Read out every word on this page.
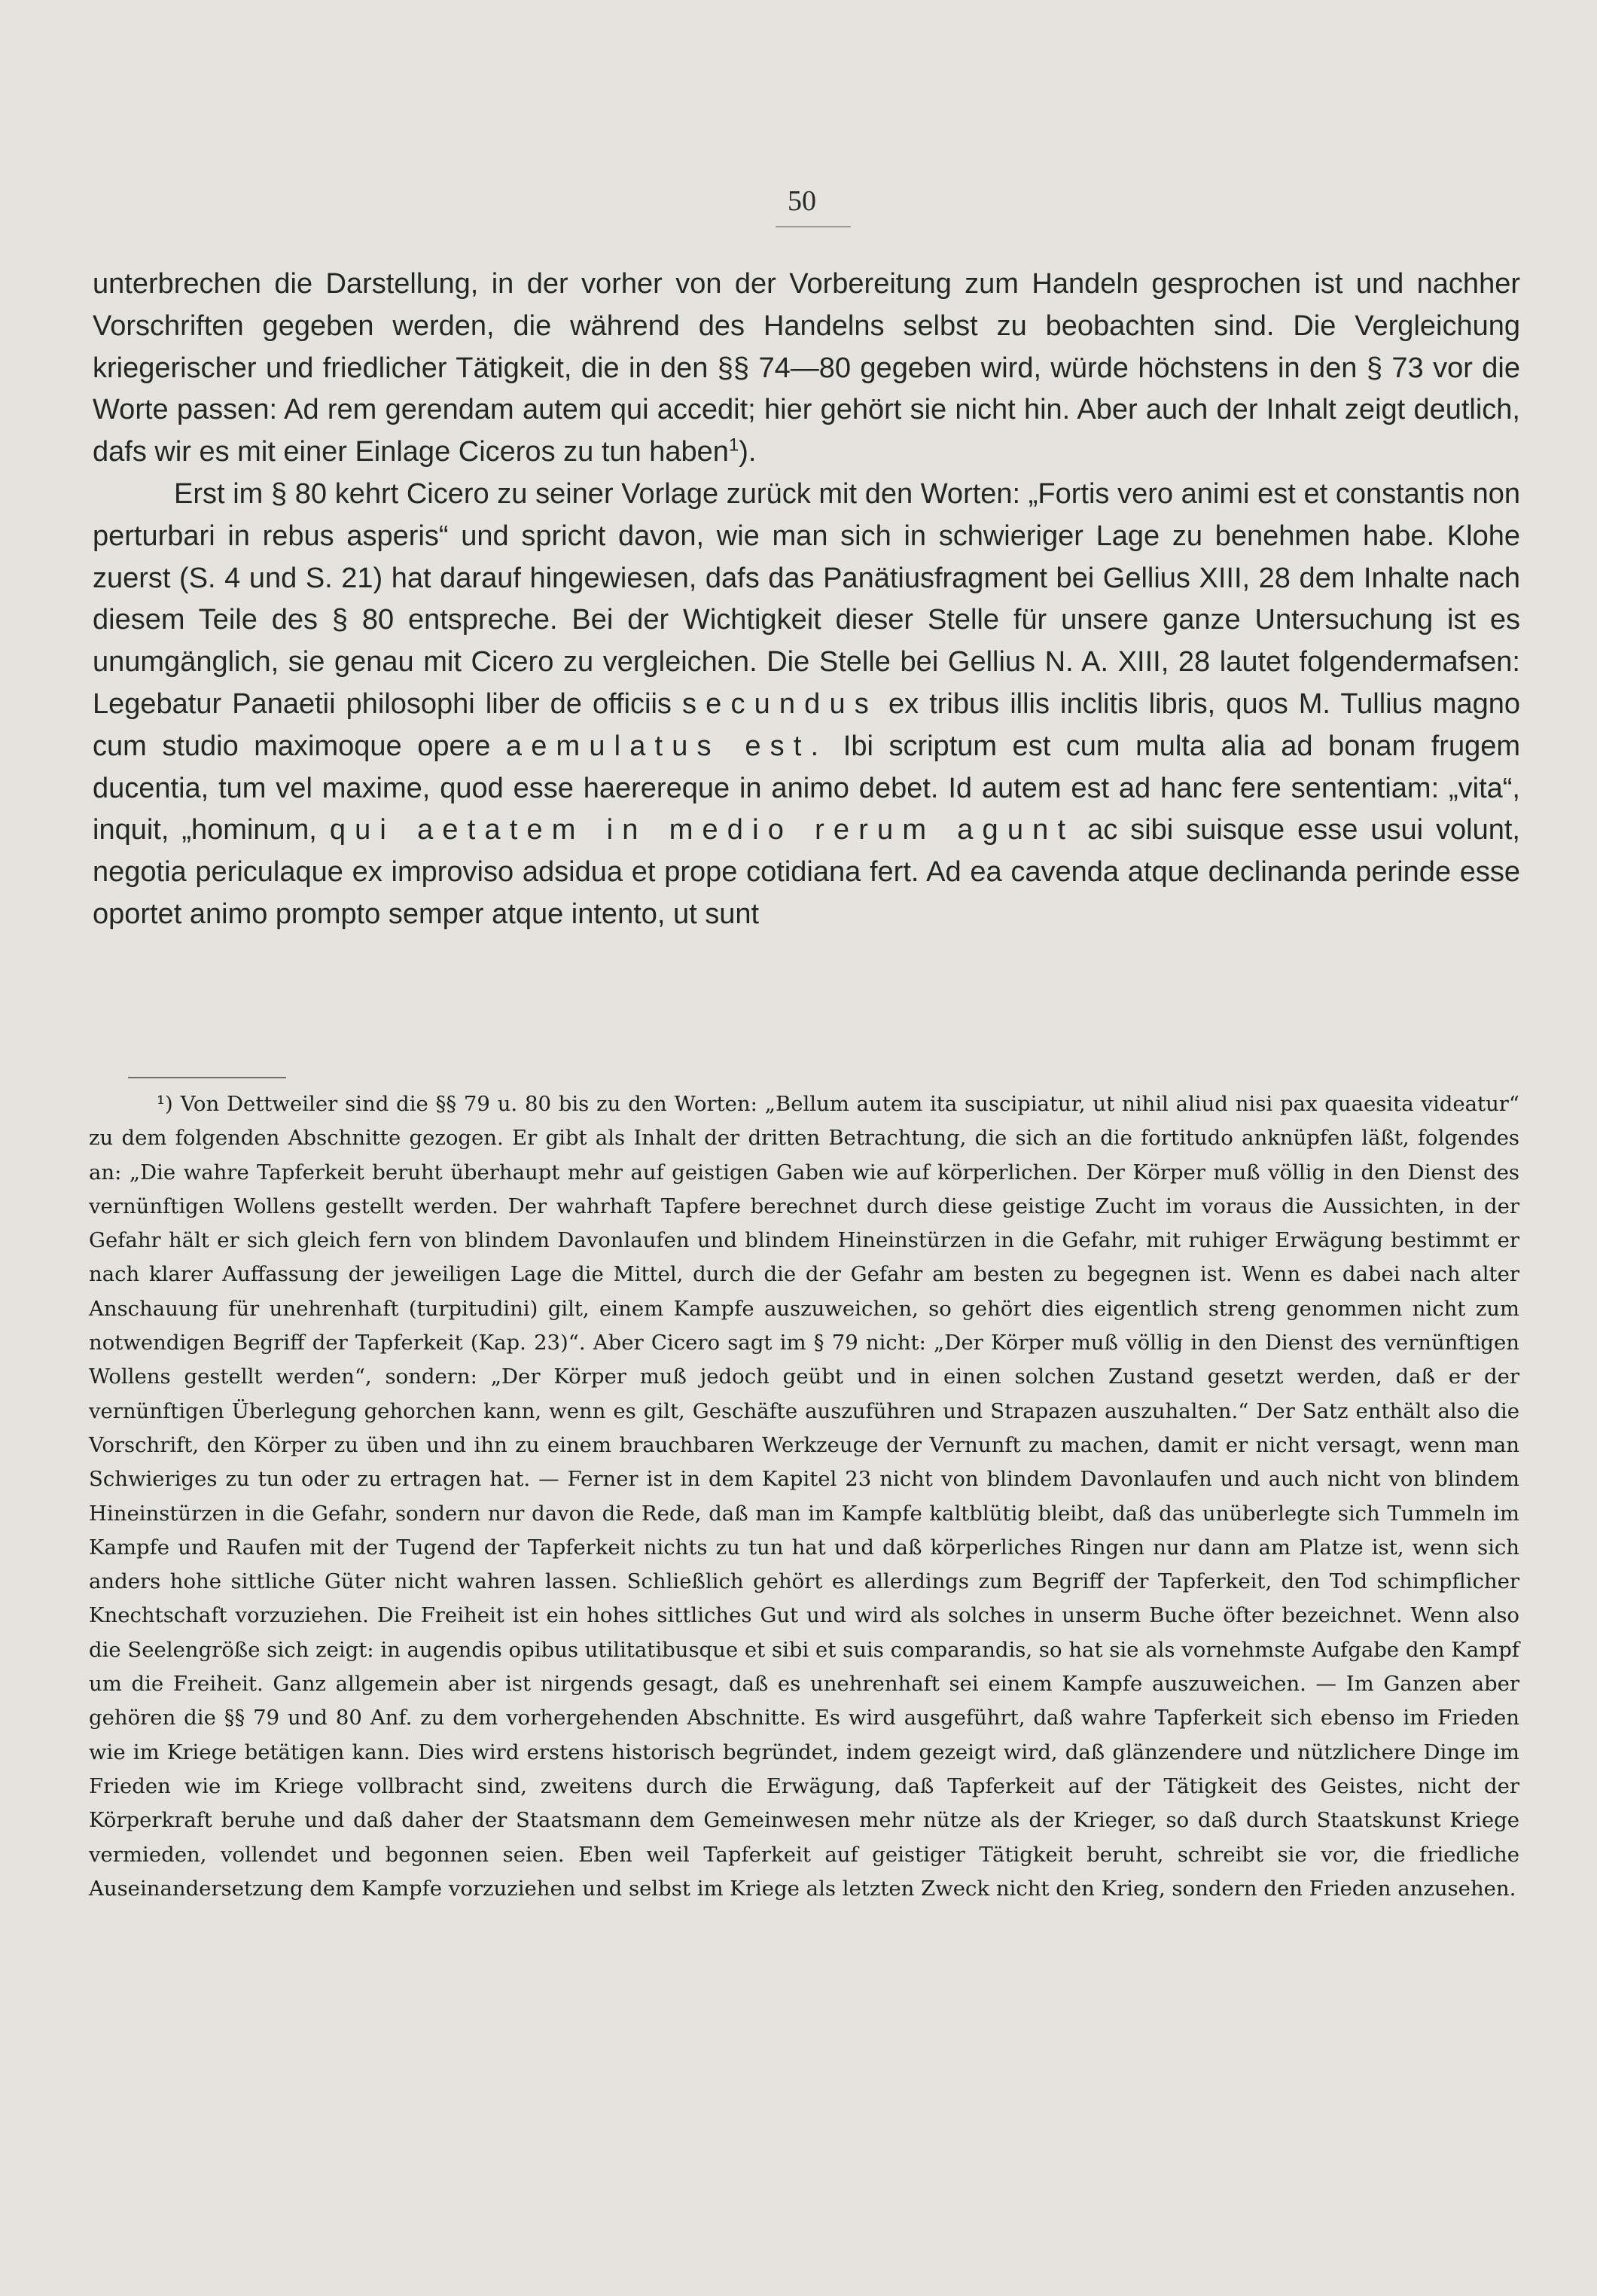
50

unterbrechen die Darstellung, in der vorher von der Vorbereitung zum Handeln gesprochen ist und nachher Vorschriften gegeben werden, die während des Handelns selbst zu beobachten sind. Die Vergleichung kriegerischer und friedlicher Tätigkeit, die in den §§ 74—80 gegeben wird, würde höchstens in den § 73 vor die Worte passen: Ad rem gerendam autem qui accedit; hier gehört sie nicht hin. Aber auch der Inhalt zeigt deutlich, dafs wir es mit einer Einlage Ciceros zu tun haben$^1$).

Erst im § 80 kehrt Cicero zu seiner Vorlage zurück mit den Worten: „Fortis vero animi est et constantis non perturbari in rebus asperis“ und spricht davon, wie man sich in schwieriger Lage zu benehmen habe. Klohe zuerst (S. 4 und S. 21) hat darauf hingewiesen, dafs das Panätiusfragment bei Gellius XIII, 28 dem Inhalte nach diesem Teile des § 80 entspreche. Bei der Wichtigkeit dieser Stelle für unsere ganze Untersuchung ist es unumgänglich, sie genau mit Cicero zu vergleichen. Die Stelle bei Gellius N. A. XIII, 28 lautet folgendermafsen: Legebatur Panaetii philosophi liber de officiis secundus ex tribus illis inclitis libris, quos M. Tullius magno cum studio maximoque opere aemulatus est. Ibi scriptum est cum multa alia ad bonam frugem ducentia, tum vel maxime, quod esse haerereque in animo debet. Id autem est ad hanc fere sententiam: „vita“, inquit, „hominum, qui aetatem in medio rerum agunt ac sibi suisque esse usui volunt, negotia periculaque ex improviso adsidua et prope cotidiana fert. Ad ea cavenda atque declinanda perinde esse oportet animo prompto semper atque intento, ut sunt

¹) Von Dettweiler sind die §§ 79 u. 80 bis zu den Worten: „Bellum autem ita suscipiatur, ut nihil aliud nisi pax quaesita videatur“ zu dem folgenden Abschnitte gezogen. Er gibt als Inhalt der dritten Betrachtung, die sich an die fortitudo anknüpfen läßt, folgendes an: „Die wahre Tapferkeit beruht überhaupt mehr auf geistigen Gaben wie auf körperlichen. Der Körper muß völlig in den Dienst des vernünftigen Wollens gestellt werden. Der wahrhaft Tapfere berechnet durch diese geistige Zucht im voraus die Aussichten, in der Gefahr hält er sich gleich fern von blindem Davonlaufen und blindem Hineinstürzen in die Gefahr, mit ruhiger Erwägung bestimmt er nach klarer Auffassung der jeweiligen Lage die Mittel, durch die der Gefahr am besten zu begegnen ist. Wenn es dabei nach alter Anschauung für unehrenhaft (turpitudini) gilt, einem Kampfe auszuweichen, so gehört dies eigentlich streng genommen nicht zum notwendigen Begriff der Tapferkeit (Kap. 23)“. Aber Cicero sagt im § 79 nicht: „Der Körper muß völlig in den Dienst des vernünftigen Wollens gestellt werden“, sondern: „Der Körper muß jedoch geübt und in einen solchen Zustand gesetzt werden, daß er der vernünftigen Überlegung gehorchen kann, wenn es gilt, Geschäfte auszuführen und Strapazen auszuhalten.“ Der Satz enthält also die Vorschrift, den Körper zu üben und ihn zu einem brauchbaren Werkzeuge der Vernunft zu machen, damit er nicht versagt, wenn man Schwieriges zu tun oder zu ertragen hat. — Ferner ist in dem Kapitel 23 nicht von blindem Davonlaufen und auch nicht von blindem Hineinstürzen in die Gefahr, sondern nur davon die Rede, daß man im Kampfe kaltblütig bleibt, daß das unüberlegte sich Tummeln im Kampfe und Raufen mit der Tugend der Tapferkeit nichts zu tun hat und daß körperliches Ringen nur dann am Platze ist, wenn sich anders hohe sittliche Güter nicht wahren lassen. Schließlich gehört es allerdings zum Begriff der Tapferkeit, den Tod schimpflicher Knechtschaft vorzuziehen. Die Freiheit ist ein hohes sittliches Gut und wird als solches in unserm Buche öfter bezeichnet. Wenn also die Seelengröße sich zeigt: in augendis opibus utilitatibusque et sibi et suis comparandis, so hat sie als vornehmste Aufgabe den Kampf um die Freiheit. Ganz allgemein aber ist nirgends gesagt, daß es unehrenhaft sei einem Kampfe auszuweichen. — Im Ganzen aber gehören die §§ 79 und 80 Anf. zu dem vorhergehenden Abschnitte. Es wird ausgeführt, daß wahre Tapferkeit sich ebenso im Frieden wie im Kriege betätigen kann. Dies wird erstens historisch begründet, indem gezeigt wird, daß glänzendere und nützlichere Dinge im Frieden wie im Kriege vollbracht sind, zweitens durch die Erwägung, daß Tapferkeit auf der Tätigkeit des Geistes, nicht der Körperkraft beruhe und daß daher der Staatsmann dem Gemeinwesen mehr nütze als der Krieger, so daß durch Staatskunst Kriege vermieden, vollendet und begonnen seien. Eben weil Tapferkeit auf geistiger Tätigkeit beruht, schreibt sie vor, die friedliche Auseinandersetzung dem Kampfe vorzuziehen und selbst im Kriege als letzten Zweck nicht den Krieg, sondern den Frieden anzusehen.
